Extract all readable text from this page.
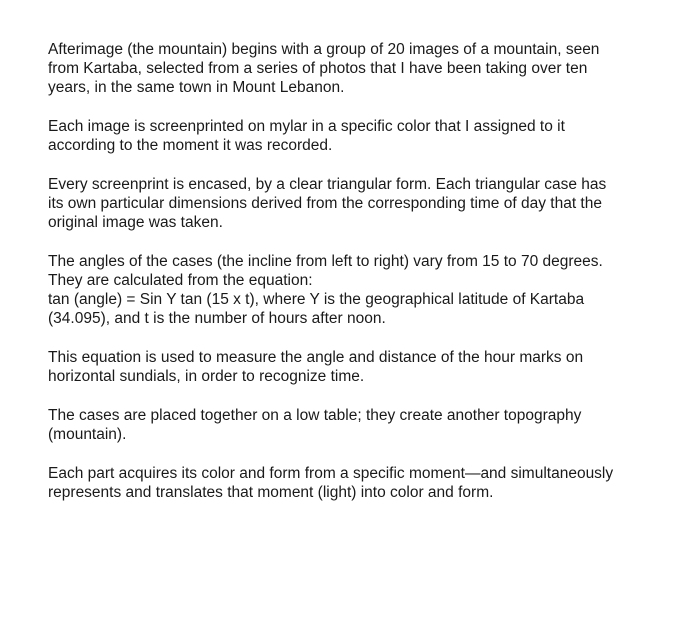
Afterimage (the mountain) begins with a group of 20 images of a mountain, seen
from Kartaba, selected from a series of photos that I have been taking over ten
years, in the same town in Mount Lebanon.

Each image is screenprinted on mylar in a specific color that I assigned to it
according to the moment it was recorded.

Every screenprint is encased, by a clear triangular form. Each triangular case has
its own particular dimensions derived from the corresponding time of day that the
original image was taken.

The angles of the cases (the incline from left to right) vary from 15 to 70 degrees.
They are calculated from the equation:
tan (angle) = Sin Y tan (15 x t), where Y is the geographical latitude of Kartaba
(34.095), and t is the number of hours after noon.

This equation is used to measure the angle and distance of the hour marks on
horizontal sundials, in order to recognize time.

The cases are placed together on a low table; they create another topography
(mountain).

Each part acquires its color and form from a specific moment—and simultaneously
represents and translates that moment (light) into color and form.
